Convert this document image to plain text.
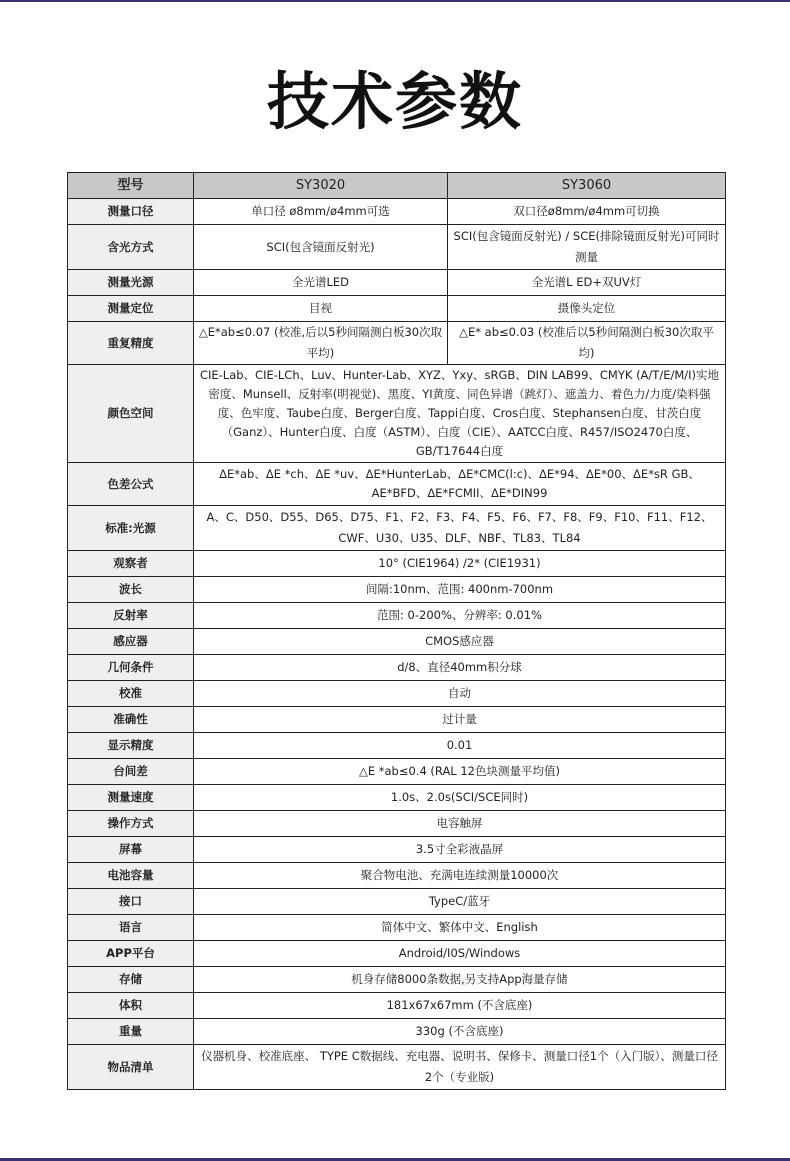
技术参数
型号	SY3020	SY3060
测量口径	单口径 ø8mm/ø4mm可选	双口径ø8mm/ø4mm可切换
含光方式	SCI(包含镜面反射光)	SCI(包含镜面反射光) / SCE(排除镜面反射光)可同时测量
测量光源	全光谱LED	全光谱L ED+双UV灯
测量定位	目视	摄像头定位
重复精度	△E*ab≤0.07 (校准,后以5秒间隔测白板30次取平均)	△E* ab≤0.03 (校准后以5秒间隔测白板30次取平均)
颜色空间	CIE-Lab、CIE-LCh、Luv、Hunter-Lab、XYZ、Yxy、sRGB、DIN LAB99、CMYK (A/T/E/M/I)实地密度、Munsell、反射率(明视觉)、黑度、YI黄度、同色异谱（跳灯）、遮盖力、着色力/力度/染料强度、色牢度、Taube白度、Berger白度、Tappi白度、Cros白度、Stephansen白度、甘茨白度（Ganz）、Hunter白度、白度（ASTM）、白度（CIE）、AATCC白度、R457/ISO2470白度、GB/T17644白度	
色差公式	ΔE*ab、ΔE *ch、ΔE *uv、ΔE*HunterLab、ΔE*CMC(l:c)、ΔE*94、ΔE*00、ΔE*sR GB、AE*BFD、ΔE*FCMII、ΔE*DIN99	
标准:光源	A、C、D50、D55、D65、D75、F1、F2、F3、F4、F5、F6、F7、F8、F9、F10、F11、F12、CWF、U30、U35、DLF、NBF、TL83、TL84	
观察者	10° (CIE1964) /2* (CIE1931)	
波长	间隔:10nm、范围: 400nm-700nm	
反射率	范围: 0-200%、分辨率: 0.01%	
感应器	CMOS感应器	
几何条件	d/8、直径40mm积分球	
校准	自动	
准确性	过计量	
显示精度	0.01	
台间差	△E *ab≤0.4 (RAL 12色块测量平均值)	
测量速度	1.0s、2.0s(SCI/SCE同时)	
操作方式	电容触屏	
屏幕	3.5寸全彩液晶屏	
电池容量	聚合物电池、充满电连续测量10000次	
接口	TypeC/蓝牙	
语言	简体中文、繁体中文、English	
APP平台	Android/I0S/Windows	
存储	机身存储8000条数据,另支持App海量存储	
体积	181x67x67mm (不含底座)	
重量	330g (不含底座)	
物品清单	仪器机身、校准底座、 TYPE C数据线、充电器、说明书、保修卡、测量口径1个（入门版）、测量口径2个（专业版)	
